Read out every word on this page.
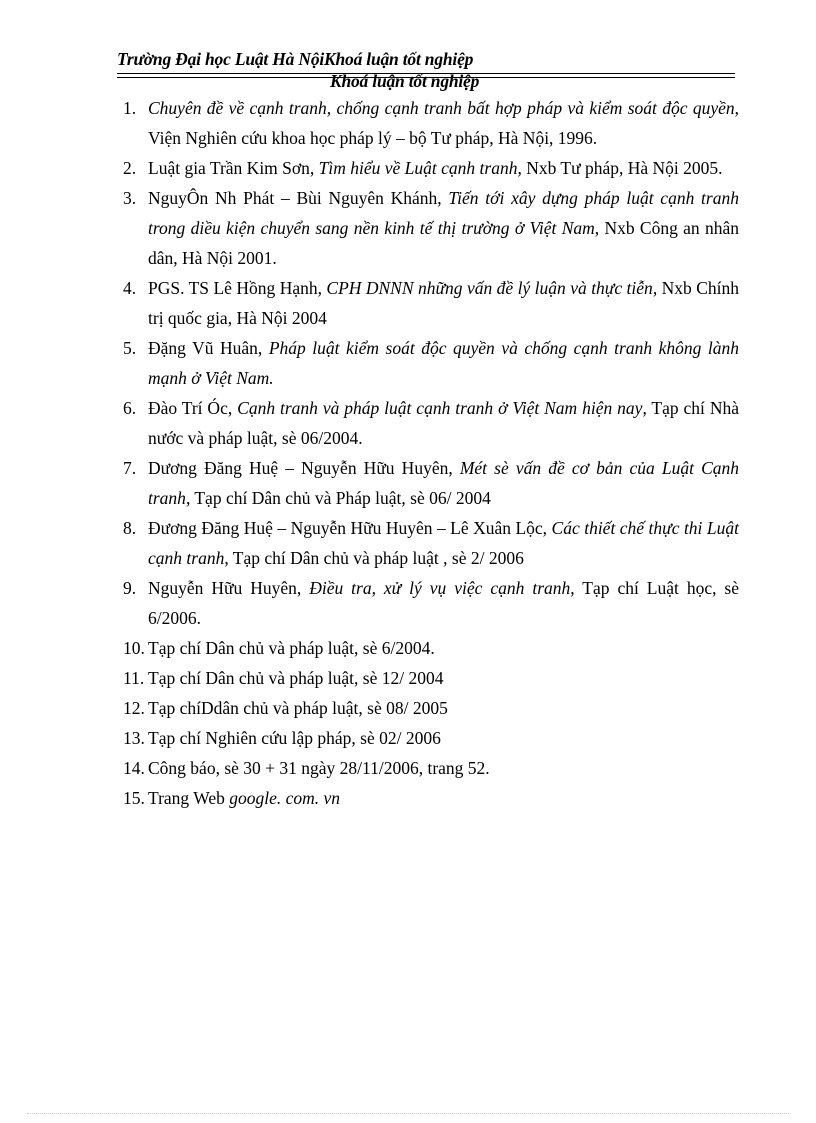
Trường Đại học Luật Hà NộiKhoá luận tốt nghiệp
Khoá luận tốt nghiệp
1. Chuyên đề về cạnh tranh, chống cạnh tranh bất hợp pháp và kiểm soát độc quyền, Viện Nghiên cứu khoa học pháp lý – bộ Tư pháp, Hà Nội, 1996.
2. Luật gia Trần Kim Sơn, Tìm hiểu về Luật cạnh tranh, Nxb Tư pháp, Hà Nội 2005.
3. NguyÔn Nh Phát – Bùi Nguyên Khánh, Tiến tới xây dựng pháp luật cạnh tranh trong diều kiện chuyển sang nền kinh tế thị trường ở Việt Nam, Nxb Công an nhân dân, Hà Nội 2001.
4. PGS. TS Lê Hồng Hạnh, CPH DNNN những vấn đề lý luận và thực tiễn, Nxb Chính trị quốc gia, Hà Nội 2004
5. Đặng Vũ Huân, Pháp luật kiểm soát độc quyền và chống cạnh tranh không lành mạnh ở Việt Nam.
6. Đào Trí Óc, Cạnh tranh và pháp luật cạnh tranh ở Việt Nam hiện nay, Tạp chí Nhà nước và pháp luật, sè 06/2004.
7. Dương Đăng Huệ – Nguyễn Hữu Huyên, Mét sè vấn đề cơ bản của Luật Cạnh tranh, Tạp chí Dân chủ và Pháp luật, sè 06/ 2004
8. Đương Đăng Huệ – Nguyễn Hữu Huyên – Lê Xuân Lộc, Các thiết chế thực thi Luật cạnh tranh, Tạp chí Dân chủ và pháp luật , sè 2/ 2006
9. Nguyễn Hữu Huyên, Điều tra, xử lý vụ việc cạnh tranh, Tạp chí Luật học, sè 6/2006.
10. Tạp chí Dân chủ và pháp luật, sè 6/2004.
11. Tạp chí Dân chủ và pháp luật, sè 12/ 2004
12. Tạp chíDdân chủ và pháp luật, sè 08/ 2005
13. Tạp chí Nghiên cứu lập pháp, sè 02/ 2006
14. Công báo, sè 30 + 31 ngày 28/11/2006, trang 52.
15. Trang Web google. com. vn
